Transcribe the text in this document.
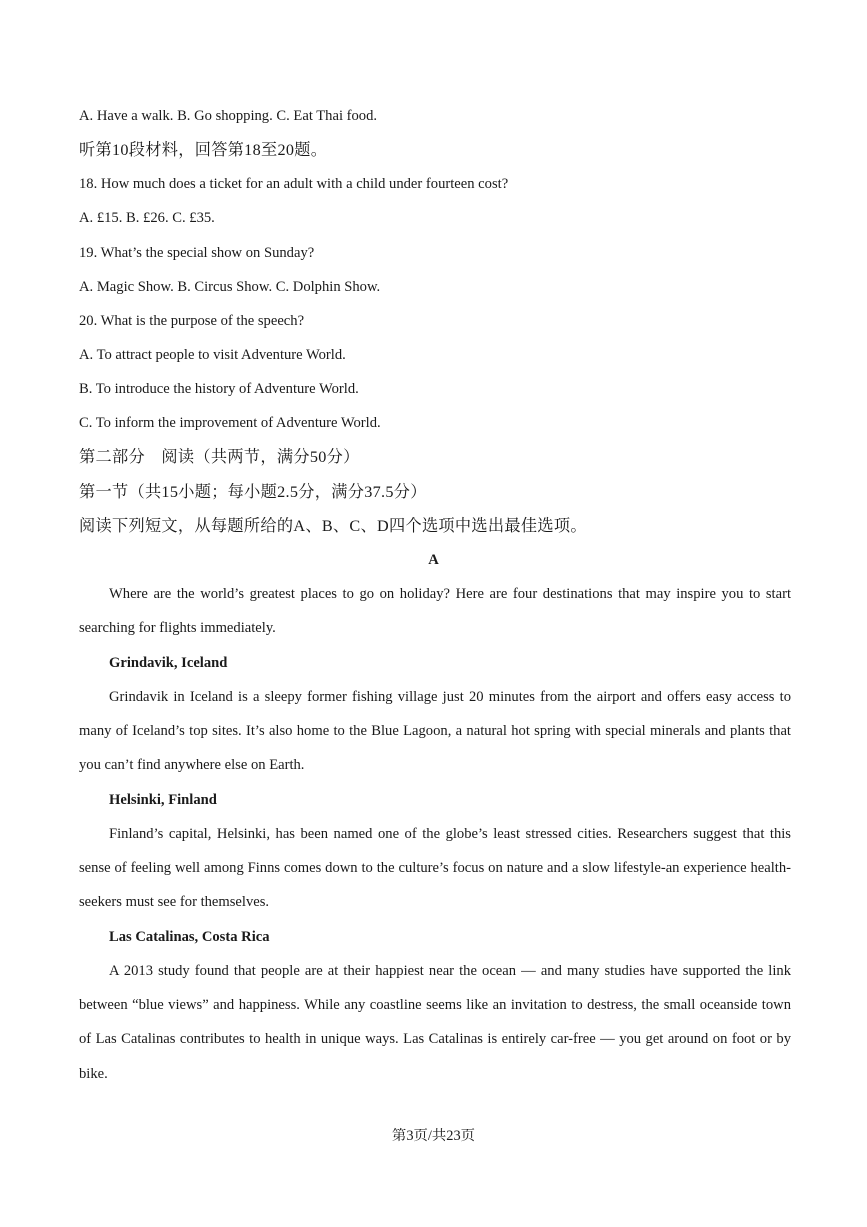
A. Have a walk. B. Go shopping. C. Eat Thai food.
听第10段材料，回答第18至20题。
18. How much does a ticket for an adult with a child under fourteen cost?
A. £15. B. £26. C. £35.
19. What’s the special show on Sunday?
A. Magic Show. B. Circus Show. C. Dolphin Show.
20. What is the purpose of the speech?
A. To attract people to visit Adventure World.
B. To introduce the history of Adventure World.
C. To inform the improvement of Adventure World.
第二部分　阅读（共两节，满分50分）
第一节（共15小题；每小题2.5分，满分37.5分）
阅读下列短文，从每题所给的A、B、C、D四个选项中选出最佳选项。
A
Where are the world’s greatest places to go on holiday? Here are four destinations that may inspire you to start searching for flights immediately.
Grindavik, Iceland
Grindavik in Iceland is a sleepy former fishing village just 20 minutes from the airport and offers easy access to many of Iceland’s top sites. It’s also home to the Blue Lagoon, a natural hot spring with special minerals and plants that you can’t find anywhere else on Earth.
Helsinki, Finland
Finland’s capital, Helsinki, has been named one of the globe’s least stressed cities. Researchers suggest that this sense of feeling well among Finns comes down to the culture’s focus on nature and a slow lifestyle-an experience health-seekers must see for themselves.
Las Catalinas, Costa Rica
A 2013 study found that people are at their happiest near the ocean — and many studies have supported the link between “blue views” and happiness. While any coastline seems like an invitation to destress, the small oceanside town of Las Catalinas contributes to health in unique ways. Las Catalinas is entirely car-free — you get around on foot or by bike.
第3页/共23页
